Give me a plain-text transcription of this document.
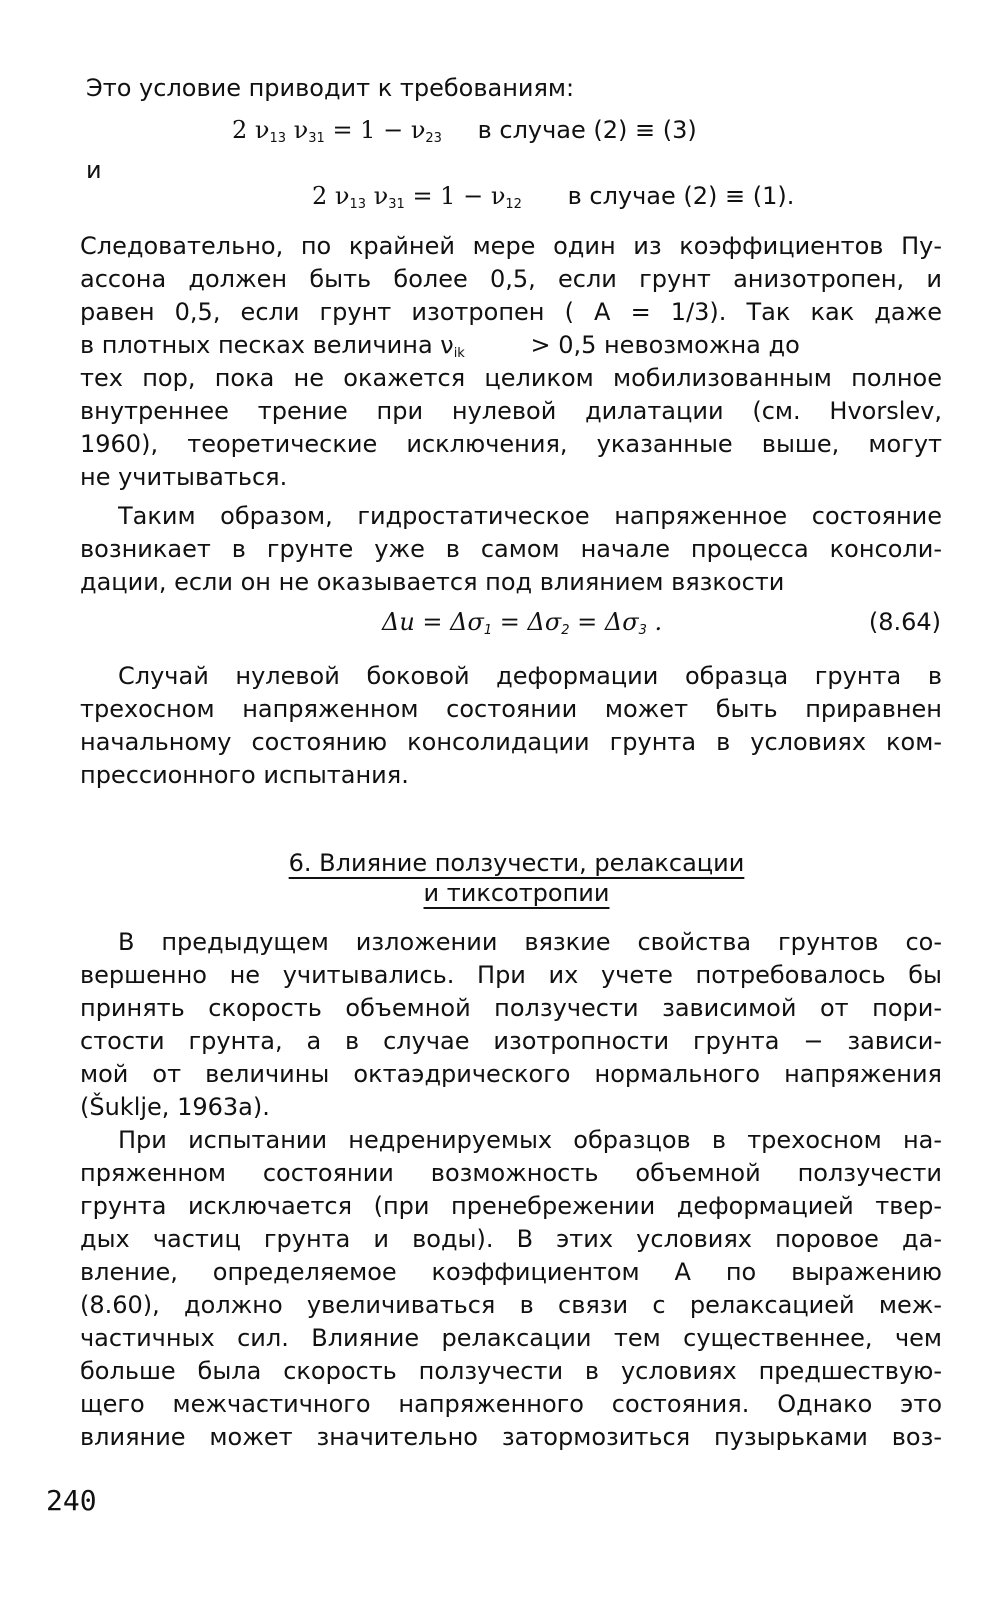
Это условие приводит к требованиям:
2 $\nu_{13}$ $\nu_{31} = 1 - \nu_{23}$ в случае (2) ≡ (3)
и
2 $\nu_{13}$ $\nu_{31} = 1 - \nu_{12}$ в случае (2) ≡ (1).
Следовательно, по крайней мере один из коэффициентов Пу-
ассона должен быть более 0,5, если грунт анизотропен, и
равен 0,5, если грунт изотропен ( A = 1/3). Так как даже
в плотных песках величина $\nu_{ik} > 0,5$ невозможна до
тех пор, пока не окажется целиком мобилизованным полное
внутреннее трение при нулевой дилатации (см. Hvorslev,
1960), теоретические исключения, указанные выше, могут
не учитываться.
Таким образом, гидростатическое напряженное состояние
возникает в грунте уже в самом начале процесса консоли-
дации, если он не оказывается под влиянием вязкости
$\Delta u = \Delta\sigma_1 = \Delta\sigma_2 = \Delta\sigma_3$ .	(8.64)
Случай нулевой боковой деформации образца грунта в
трехосном напряженном состоянии может быть приравнен
начальному состоянию консолидации грунта в условиях ком-
прессионного испытания.
6. Влияние ползучести, релаксации
и тиксотропии
В предыдущем изложении вязкие свойства грунтов со-
вершенно не учитывались. При их учете потребовалось бы
принять скорость объемной ползучести зависимой от пори-
стости грунта, а в случае изотропности грунта − зависи-
мой от величины октаэдрического нормального напряжения
(Šuklje, 1963a).
При испытании недренируемых образцов в трехосном на-
пряженном состоянии возможность объемной ползучести
грунта исключается (при пренебрежении деформацией твер-
дых частиц грунта и воды). В этих условиях поровое да-
вление, определяемое коэффициентом A по выражению
(8.60), должно увеличиваться в связи с релаксацией меж-
частичных сил. Влияние релаксации тем существеннее, чем
больше была скорость ползучести в условиях предшествую-
щего межчастичного напряженного состояния. Однако это
влияние может значительно затормозиться пузырьками воз-
240
